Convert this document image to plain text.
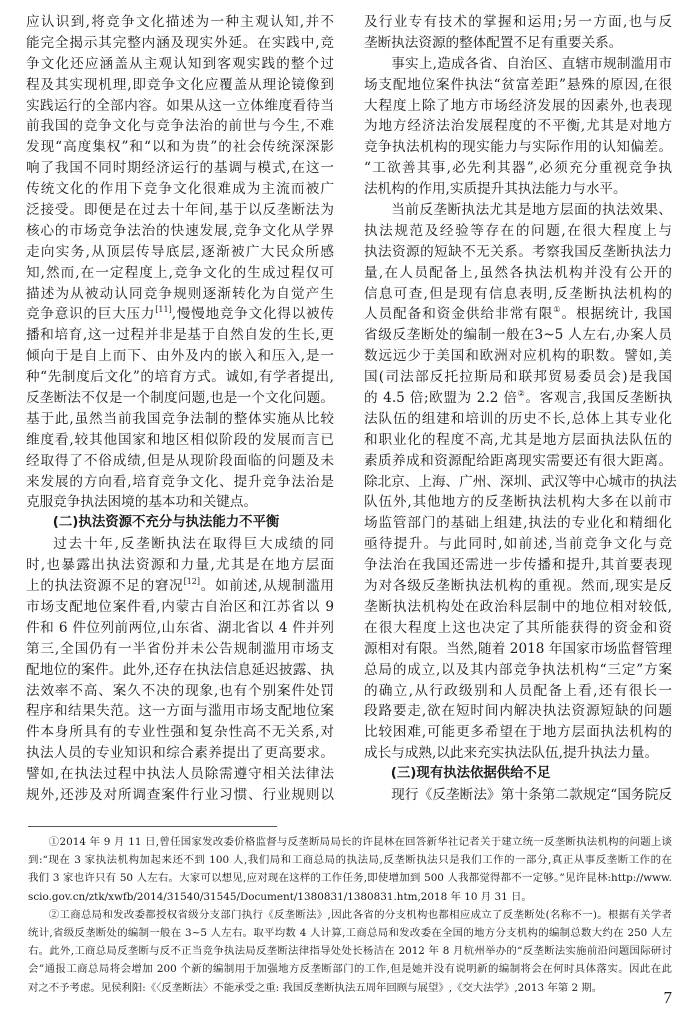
应认识到,将竞争文化描述为一种主观认知,并不
能完全揭示其完整内涵及现实外延。在实践中,竞
争文化还应涵盖从主观认知到客观实践的整个过
程及其实现机理,即竞争文化应覆盖从理论镜像到
实践运行的全部内容。如果从这一立体维度看待当
前我国的竞争文化与竞争法治的前世与今生,不难
发现“高度集权”和“以和为贵”的社会传统深深影
响了我国不同时期经济运行的基调与模式,在这一
传统文化的作用下竞争文化很难成为主流而被广
泛接受。即便是在过去十年间,基于以反垄断法为
核心的市场竞争法治的快速发展,竞争文化从学界
走向实务,从顶层传导底层,逐渐被广大民众所感
知,然而,在一定程度上,竞争文化的生成过程仅可
描述为从被动认同竞争规则逐渐转化为自觉产生
竞争意识的巨大压力[11],慢慢地竞争文化得以被传
播和培育,这一过程并非是基于自然自发的生长,更
倾向于是自上而下、由外及内的嵌入和压入,是一
种“先制度后文化”的培育方式。诚如,有学者提出,
反垄断法不仅是一个制度问题,也是一个文化问题。
基于此,虽然当前我国竞争法制的整体实施从比较
维度看,较其他国家和地区相似阶段的发展而言已
经取得了不俗成绩,但是从现阶段面临的问题及未
来发展的方向看,培育竞争文化、提升竞争法治是
克服竞争执法困境的基本功和关键点。
(二)执法资源不充分与执法能力不平衡
过去十年,反垄断执法在取得巨大成绩的同
时,也暴露出执法资源和力量,尤其是在地方层面
上的执法资源不足的窘况[12]。如前述,从规制滥用
市场支配地位案件看,内蒙古自治区和江苏省以 9
件和 6 件位列前两位,山东省、湖北省以 4 件并列
第三,全国仍有一半省份并未公告规制滥用市场支
配地位的案件。此外,还存在执法信息延迟披露、执
法效率不高、案久不决的现象,也有个别案件处罚
程序和结果失范。这一方面与滥用市场支配地位案
件本身所具有的专业性强和复杂性高不无关系,对
执法人员的专业知识和综合素养提出了更高要求。
譬如,在执法过程中执法人员除需遵守相关法律法
规外,还涉及对所调查案件行业习惯、行业规则以
及行业专有技术的掌握和运用;另一方面,也与反
垄断执法资源的整体配置不足有重要关系。
事实上,造成各省、自治区、直辖市规制滥用市
场支配地位案件执法“贫富差距”悬殊的原因,在很
大程度上除了地方市场经济发展的因素外,也表现
为地方经济法治发展程度的不平衡,尤其是对地方
竞争执法机构的现实能力与实际作用的认知偏差。
“工欲善其事,必先利其器”,必须充分重视竞争执
法机构的作用,实质提升其执法能力与水平。
当前反垄断执法尤其是地方层面的执法效果、
执法规范及经验等存在的问题,在很大程度上与
执法资源的短缺不无关系。考察我国反垄断执法力
量,在人员配备上,虽然各执法机构并没有公开的
信息可查,但是现有信息表明,反垄断执法机构的
人员配备和资金供给非常有限①。根据统计, 我国
省级反垄断处的编制一般在3~5 人左右,办案人员
数远远少于美国和欧洲对应机构的职数。譬如,美
国(司法部反托拉斯局和联邦贸易委员会)是我国
的 4.5 倍;欧盟为 2.2 倍②。客观言,我国反垄断执
法队伍的组建和培训的历史不长,总体上其专业化
和职业化的程度不高,尤其是地方层面执法队伍的
素质养成和资源配给距离现实需要还有很大距离。
除北京、上海、广州、深圳、武汉等中心城市的执法
队伍外,其他地方的反垄断执法机构大多在以前市
场监管部门的基础上组建,执法的专业化和精细化
亟待提升。与此同时,如前述,当前竞争文化与竞
争法治在我国还需进一步传播和提升,其首要表现
为对各级反垄断执法机构的重视。然而,现实是反
垄断执法机构处在政治科层制中的地位相对较低,
在很大程度上这也决定了其所能获得的资金和资
源相对有限。当然,随着 2018 年国家市场监督管理
总局的成立,以及其内部竞争执法机构“三定”方案
的确立,从行政级别和人员配备上看,还有很长一
段路要走,欲在短时间内解决执法资源短缺的问题
比较困难,可能更多希望在于地方层面执法机构的
成长与成熟,以此来充实执法队伍,提升执法力量。
(三)现有执法依据供给不足
现行《反垄断法》第十条第二款规定“国务院反
①2014 年 9 月 11 日,曾任国家发改委价格监督与反垄断局局长的许昆林在回答新华社记者关于建立统一反垄断执法机构的问题上谈
到:“现在 3 家执法机构加起来还不到 100 人,我们局和工商总局的执法局,反垄断执法只是我们工作的一部分,真正从事反垄断工作的在
我们 3 家也许只有 50 人左右。大家可以想见,应对现在这样的工作任务,即使增加到 500 人我都觉得都不一定够。”见许昆林:http://www.
scio.gov.cn/ztk/xwfb/2014/31540/31545/Document/1380831/1380831.htm,2018 年 10 月 31 日。
②工商总局和发改委都授权省级分支部门执行《反垄断法》,因此各省的分支机构也都相应成立了反垄断处(名称不一)。根据有关学者
统计,省级反垄断处的编制一般在 3~5 人左右。取平均数 4 人计算,工商总局和发改委在全国的地方分支机构的编制总数大约在 250 人左
右。此外,工商总局反垄断与反不正当竞争执法局反垄断法律指导处处长杨洁在 2012 年 8 月杭州举办的“反垄断法实施前沿问题国际研讨
会”通报工商总局将会增加 200 个新的编制用于加强地方反垄断部门的工作,但是她并没有说明新的编制将会在何时具体落实。因此在此
对之不予考虑。见侯利阳:《〈反垄断法〉不能承受之重: 我国反垄断执法五周年回顾与展望》,《交大法学》,2013 年第 2 期。
7
